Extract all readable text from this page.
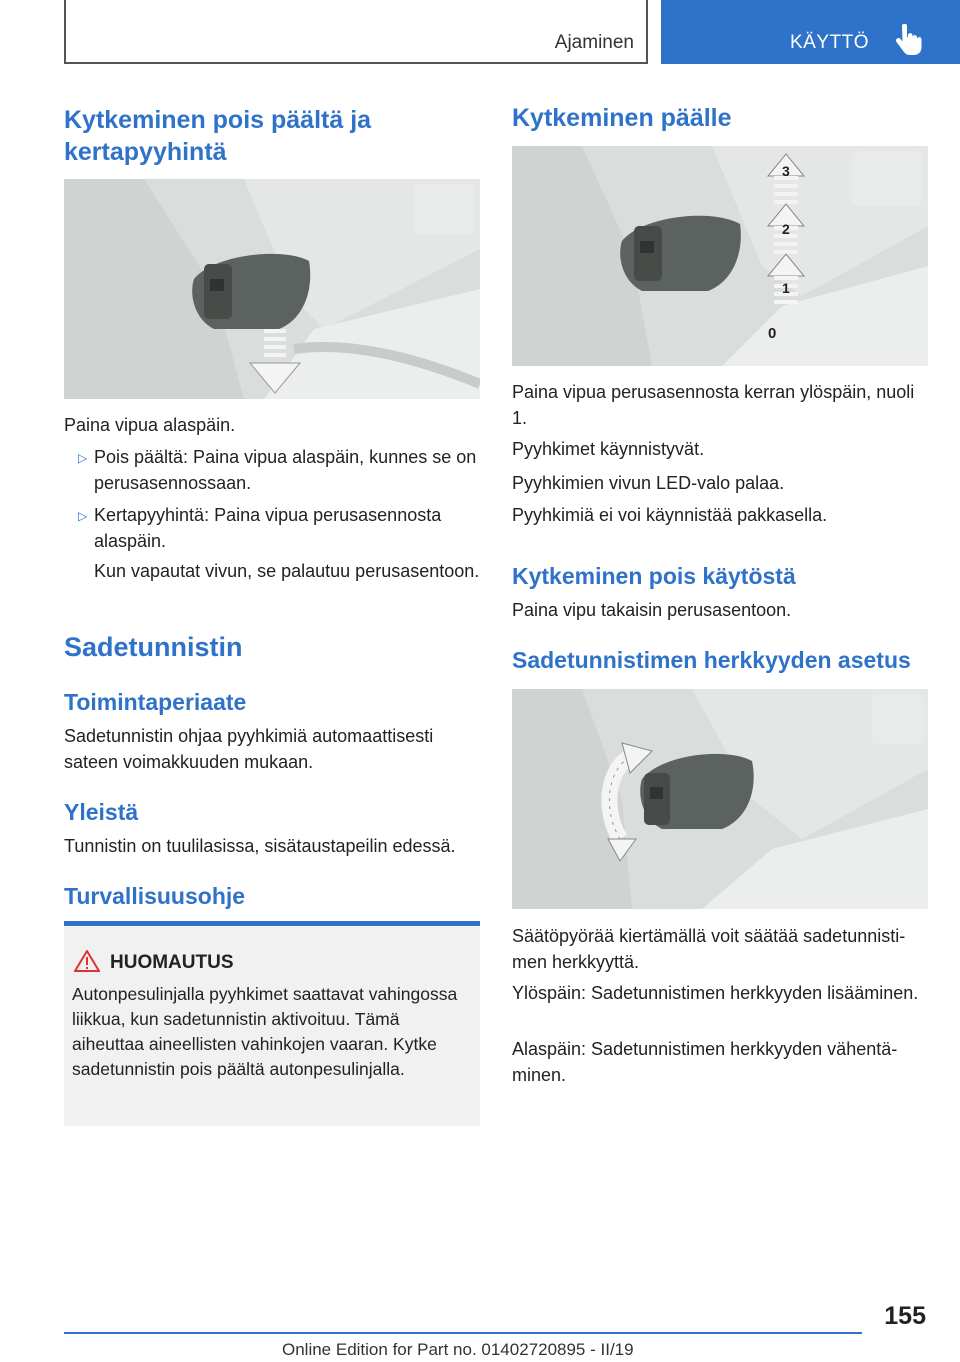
Ajaminen	KÄYTTÖ
Kytkeminen pois päältä ja kertapyyhintä

Paina vipua alaspäin.

▷ Pois päältä: Paina vipua alaspäin, kunnes se on perusasennossaan.

▷ Kertapyyhintä: Paina vipua perusasennosta alaspäin.

Kun vapautat vivun, se palautuu perusasentoon.

Sadetunnistin
Toimintaperiaate

Sadetunnistin ohjaa pyyhkimiä automaattisesti sateen voimakkuuden mukaan.

Yleistä

Tunnistin on tuulilasissa, sisätaustapeilin edessä.

Turvallisuusohje
HUOMAUTUS

Autonpesulinjalla pyyhkimet saattavat vahingossa liikkua, kun sadetunnistin aktivoituu. Tämä aiheuttaa aineellisten vahinkojen vaaran. Kytke sadetunnistin pois päältä autonpesulinjalla.

Kytkeminen päälle
3
2
1
0

Paina vipua perusasennosta kerran ylöspäin, nuoli 1.

Pyyhkimet käynnistyvät.

Pyyhkimien vivun LED-valo palaa.

Pyyhkimiä ei voi käynnistää pakkasella.

Kytkeminen pois käytöstä

Paina vipu takaisin perusasentoon.

Sadetunnistimen herkkyyden asetus

Säätöpyörää kiertämällä voit säätää sadetunnistimen herkkyyttä.

Ylöspäin: Sadetunnistimen herkkyyden lisääminen.

Alaspäin: Sadetunnistimen herkkyyden vähentäminen.

155
Online Edition for Part no. 01402720895 - II/19
